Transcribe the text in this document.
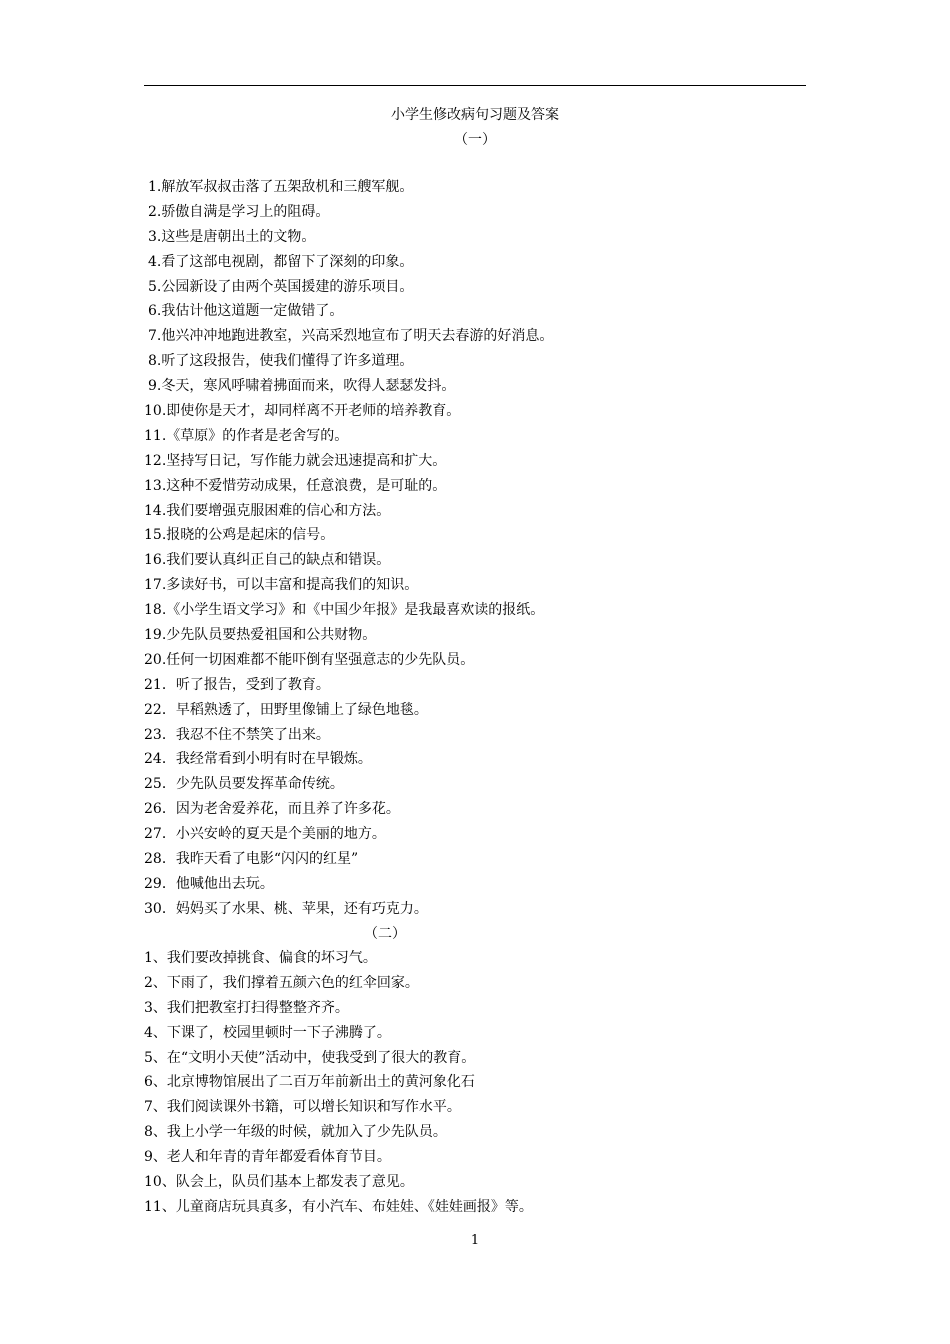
小学生修改病句习题及答案
（一）
1.解放军叔叔击落了五架敌机和三艘军舰。
2.骄傲自满是学习上的阻碍。
3.这些是唐朝出土的文物。
4.看了这部电视剧，都留下了深刻的印象。
5.公园新设了由两个英国援建的游乐项目。
6.我估计他这道题一定做错了。
7.他兴冲冲地跑进教室，兴高采烈地宣布了明天去春游的好消息。
8.听了这段报告，使我们懂得了许多道理。
9.冬天，寒风呼啸着拂面而来，吹得人瑟瑟发抖。
10.即使你是天才，却同样离不开老师的培养教育。
11.《草原》的作者是老舍写的。
12.坚持写日记，写作能力就会迅速提高和扩大。
13.这种不爱惜劳动成果，任意浪费，是可耻的。
14.我们要增强克服困难的信心和方法。
15.报晓的公鸡是起床的信号。
16.我们要认真纠正自己的缺点和错误。
17.多读好书，可以丰富和提高我们的知识。
18.《小学生语文学习》和《中国少年报》是我最喜欢读的报纸。
19.少先队员要热爱祖国和公共财物。
20.任何一切困难都不能吓倒有坚强意志的少先队员。
21．听了报告，受到了教育。
22．早稻熟透了，田野里像铺上了绿色地毯。
23．我忍不住不禁笑了出来。
24．我经常看到小明有时在早锻炼。
25．少先队员要发挥革命传统。
26．因为老舍爱养花，而且养了许多花。
27．小兴安岭的夏天是个美丽的地方。
28．我昨天看了电影“闪闪的红星”
29．他喊他出去玩。
30．妈妈买了水果、桃、苹果，还有巧克力。
（二）
1、我们要改掉挑食、偏食的坏习气。
2、下雨了，我们撑着五颜六色的红伞回家。
3、我们把教室打扫得整整齐齐。
4、下课了，校园里顿时一下子沸腾了。
5、在“文明小天使”活动中，使我受到了很大的教育。
6、北京博物馆展出了二百万年前新出土的黄河象化石
7、我们阅读课外书籍，可以增长知识和写作水平。
8、我上小学一年级的时候，就加入了少先队员。
9、老人和年青的青年都爱看体育节目。
10、队会上，队员们基本上都发表了意见。
11、儿童商店玩具真多，有小汽车、布娃娃、《娃娃画报》等。
1
